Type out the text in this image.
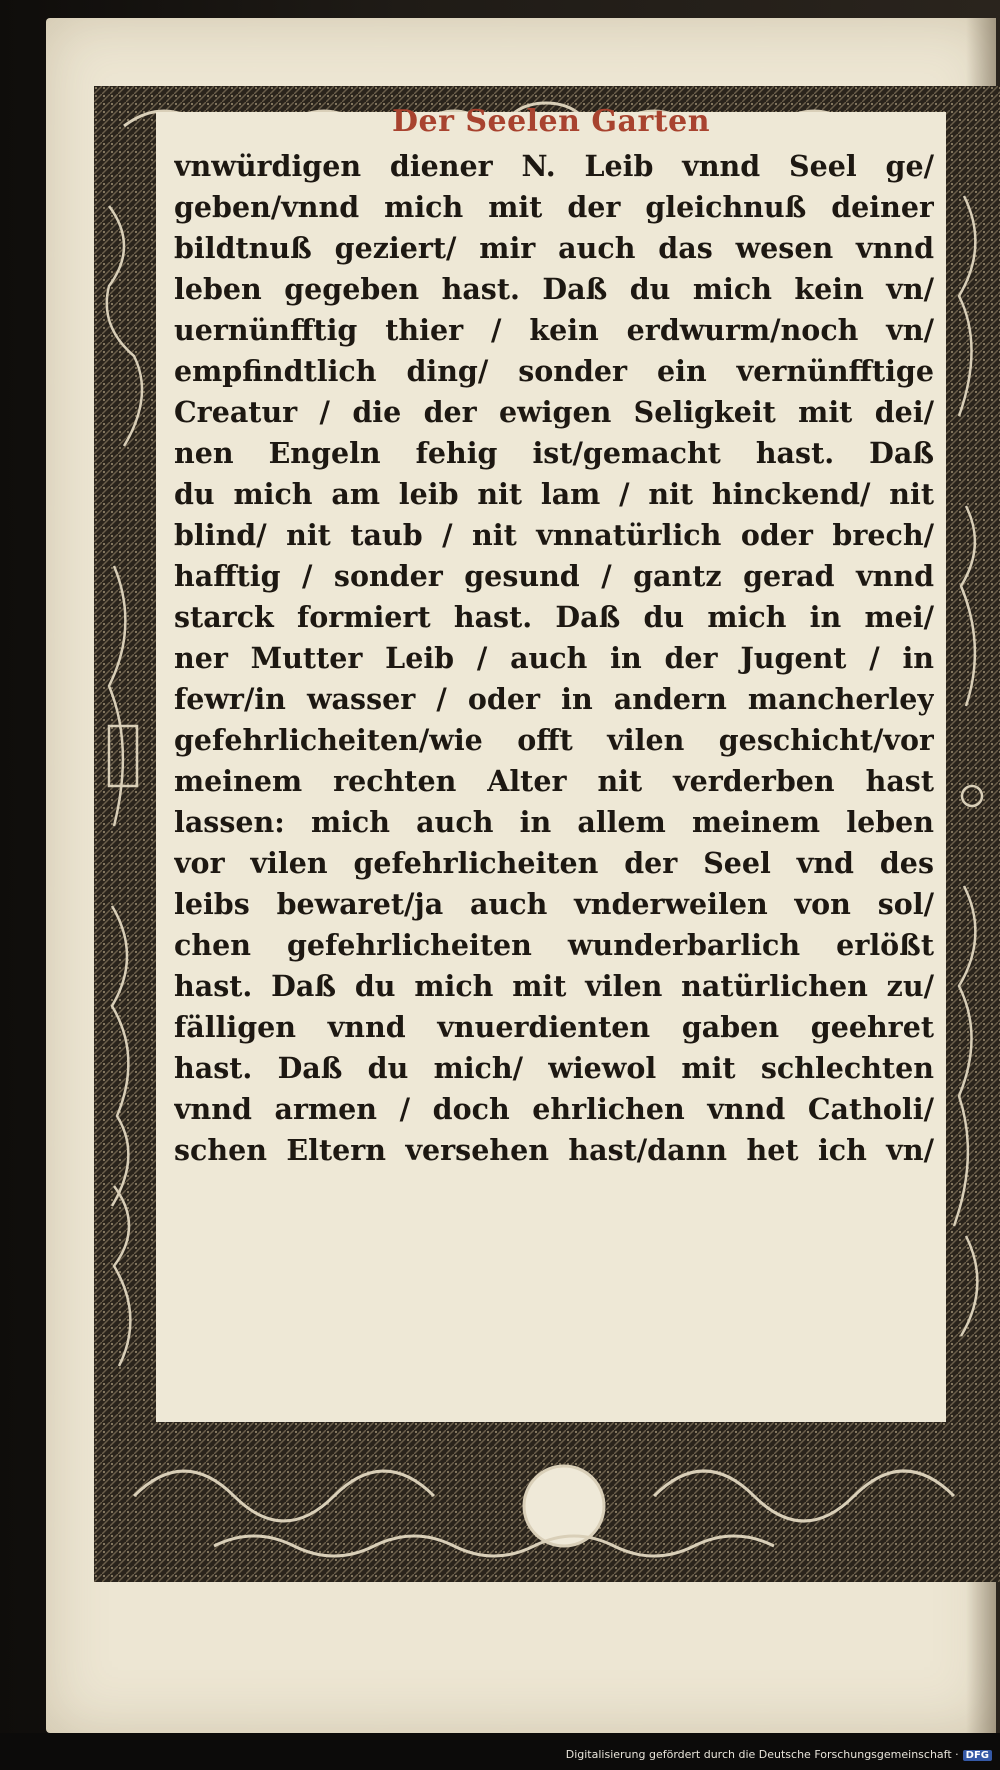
Der Seelen Garten
vnwürdigen diener N. Leib vnnd Seel ge/
geben/vnnd mich mit der gleichnuß deiner
bildtnuß geziert/ mir auch das wesen vnnd
leben gegeben hast. Daß du mich kein vn/
uernünfftig thier / kein erdwurm/noch vn/
empfindtlich ding/ sonder ein vernünfftige
Creatur / die der ewigen Seligkeit mit dei/
nen Engeln fehig ist/gemacht hast. Daß
du mich am leib nit lam / nit hinckend/ nit
blind/ nit taub / nit vnnatürlich oder brech/
hafftig / sonder gesund / gantz gerad vnnd
starck formiert hast. Daß du mich in mei/
ner Mutter Leib / auch in der Jugent / in
fewr/in wasser / oder in andern mancherley
gefehrlicheiten/wie offt vilen geschicht/vor
meinem rechten Alter nit verderben hast
lassen: mich auch in allem meinem leben
vor vilen gefehrlicheiten der Seel vnd des
leibs bewaret/ja auch vnderweilen von sol/
chen gefehrlicheiten wunderbarlich erlößt
hast. Daß du mich mit vilen natürlichen zu/
fälligen vnnd vnuerdienten gaben geehret
hast. Daß du mich/ wiewol mit schlechten
vnnd armen / doch ehrlichen vnnd Catholi/
schen Eltern versehen hast/dann het ich vn/
Digitalisierung gefördert durch die Deutsche Forschungsgemeinschaft · DFG
